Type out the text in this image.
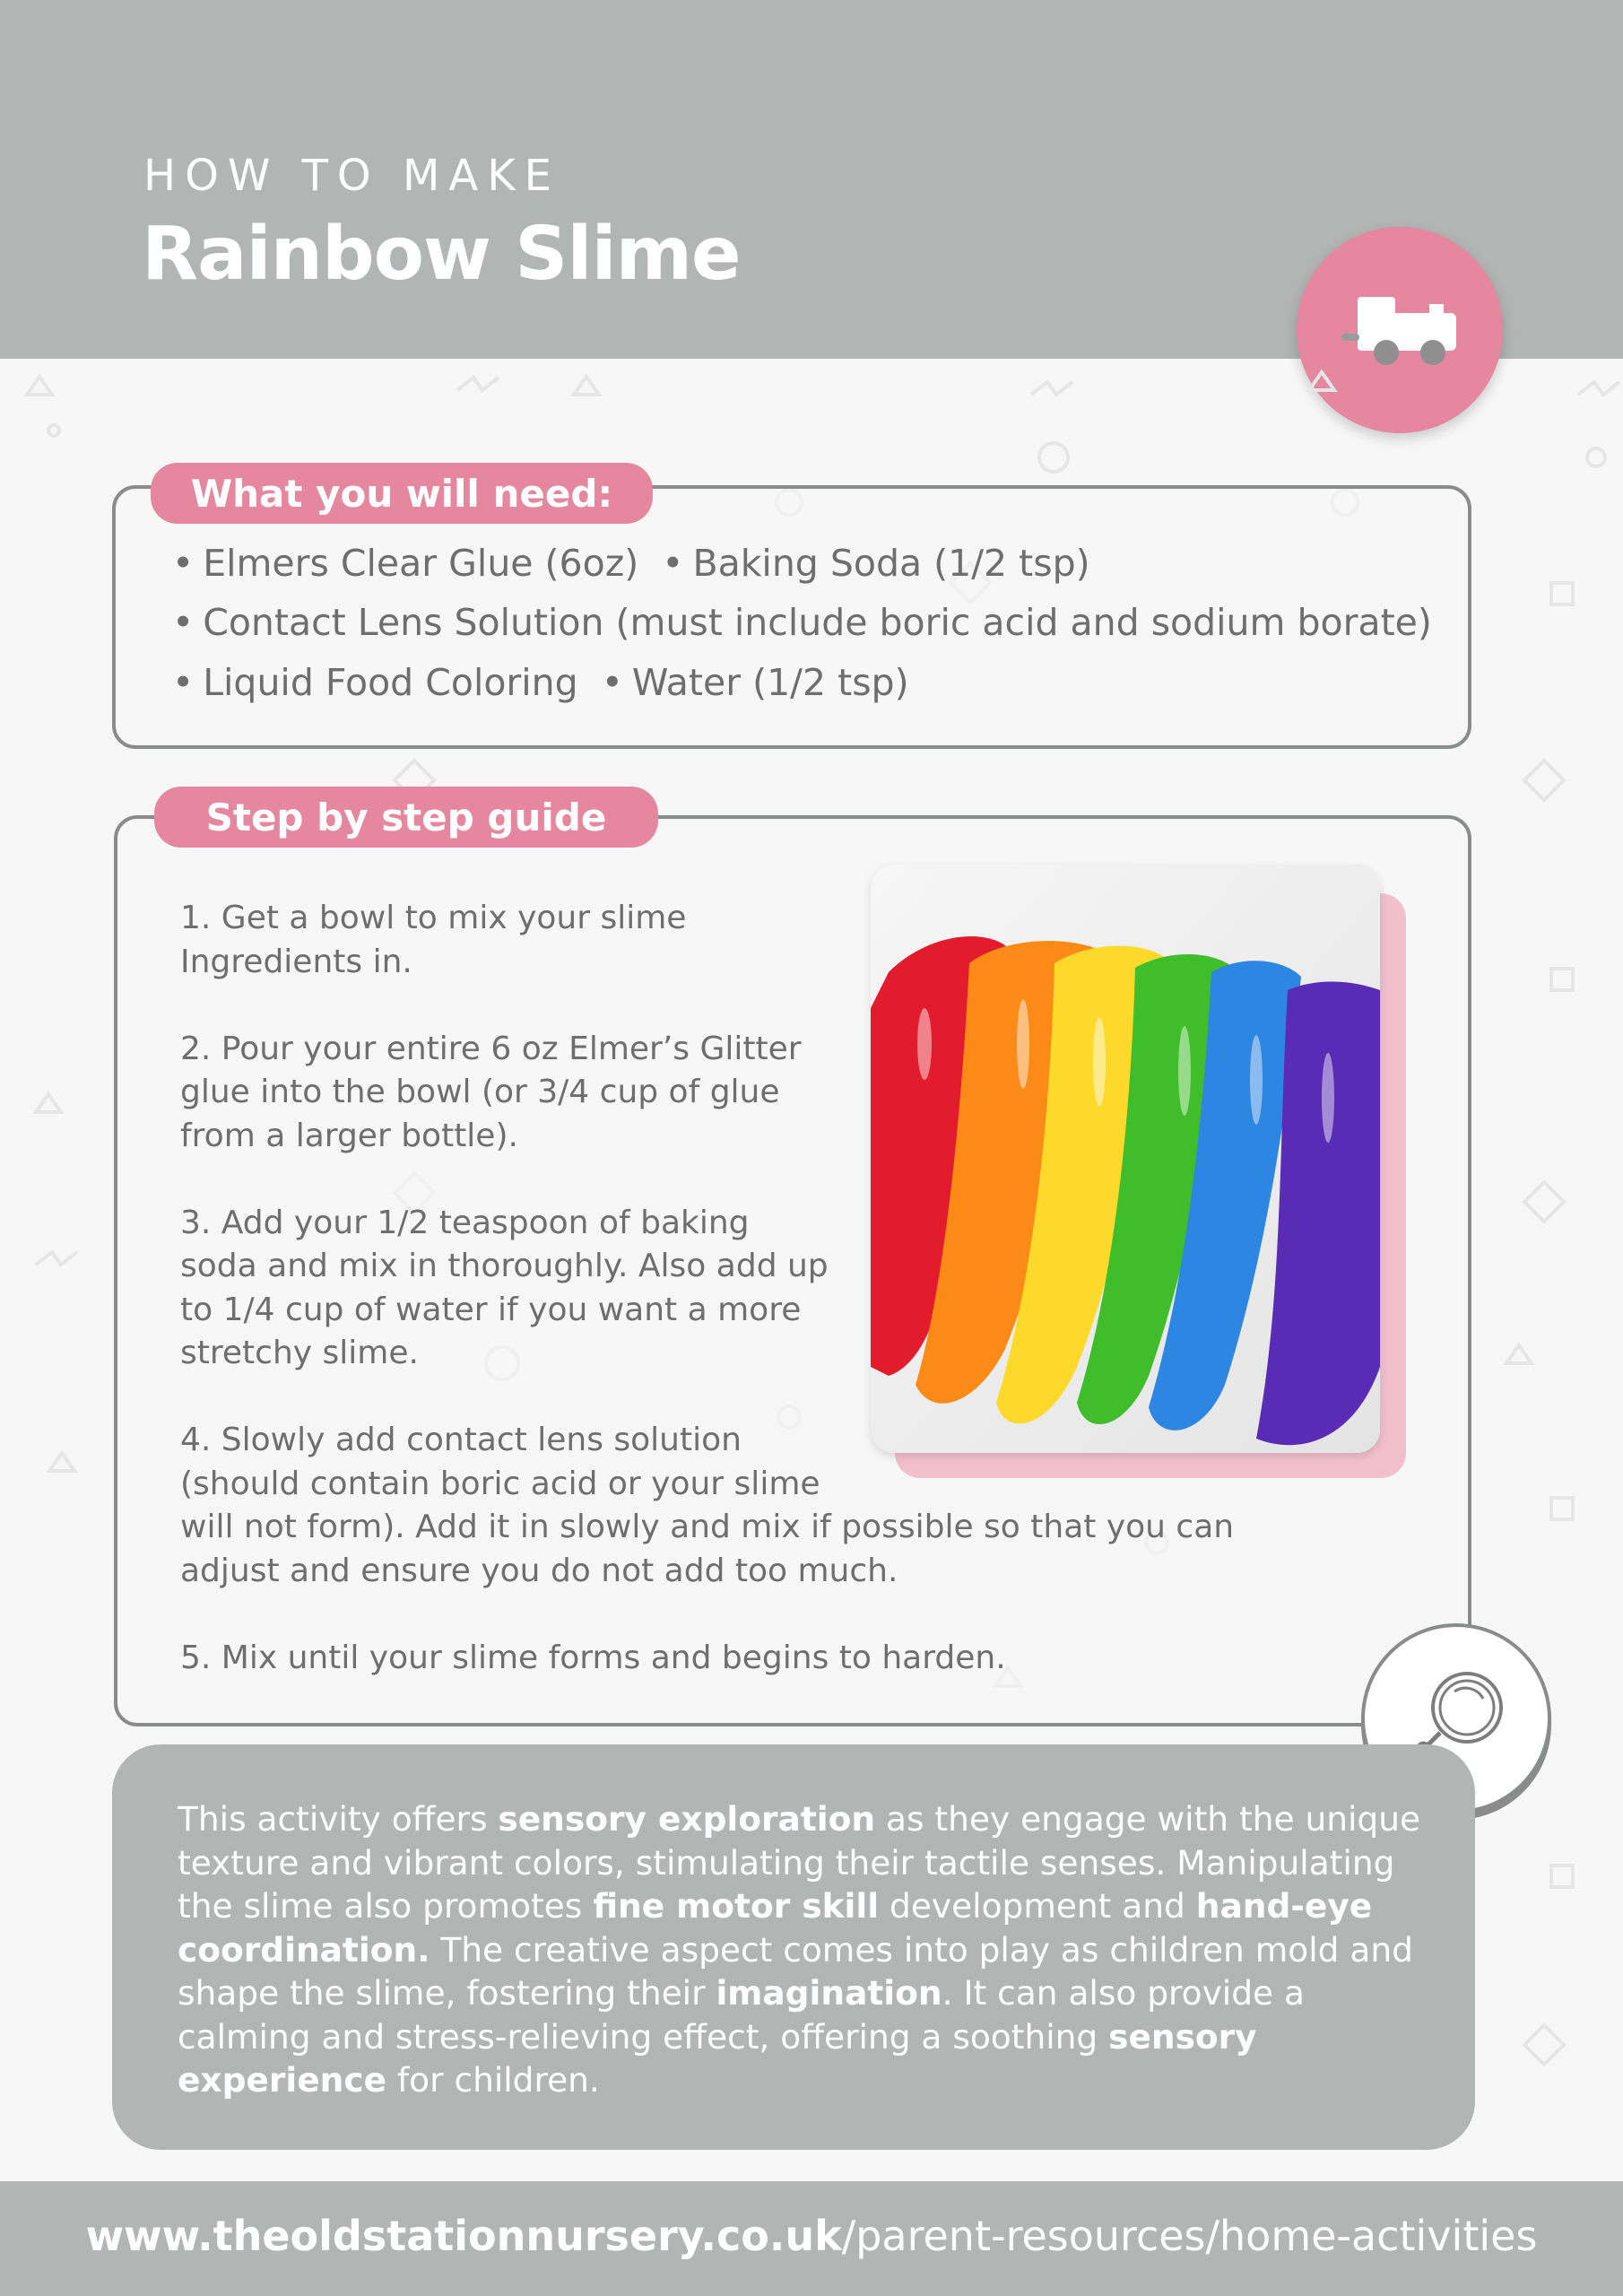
HOW TO MAKE
Rainbow Slime
What you will need:
• Elmers Clear Glue (6oz) • Baking Soda (1/2 tsp)
• Contact Lens Solution (must include boric acid and sodium borate)
• Liquid Food Coloring • Water (1/2 tsp)
Step by step guide

1. Get a bowl to mix your slime Ingredients in.

2. Pour your entire 6 oz Elmer’s Glitter glue into the bowl (or 3/4 cup of glue from a larger bottle).

3. Add your 1/2 teaspoon of baking soda and mix in thoroughly. Also add up to 1/4 cup of water if you want a more stretchy slime.

4. Slowly add contact lens solution
(should contain boric acid or your slime
will not form). Add it in slowly and mix if possible so that you can adjust and ensure you do not add too much.

5. Mix until your slime forms and begins to harden.

This activity offers sensory exploration as they engage with the unique texture and vibrant colors, stimulating their tactile senses. Manipulating the slime also promotes fine motor skill development and hand-eye coordination. The creative aspect comes into play as children mold and shape the slime, fostering their imagination. It can also provide a calming and stress-relieving effect, offering a soothing sensory experience for children.
www.theoldstationnursery.co.uk/parent-resources/home-activities
